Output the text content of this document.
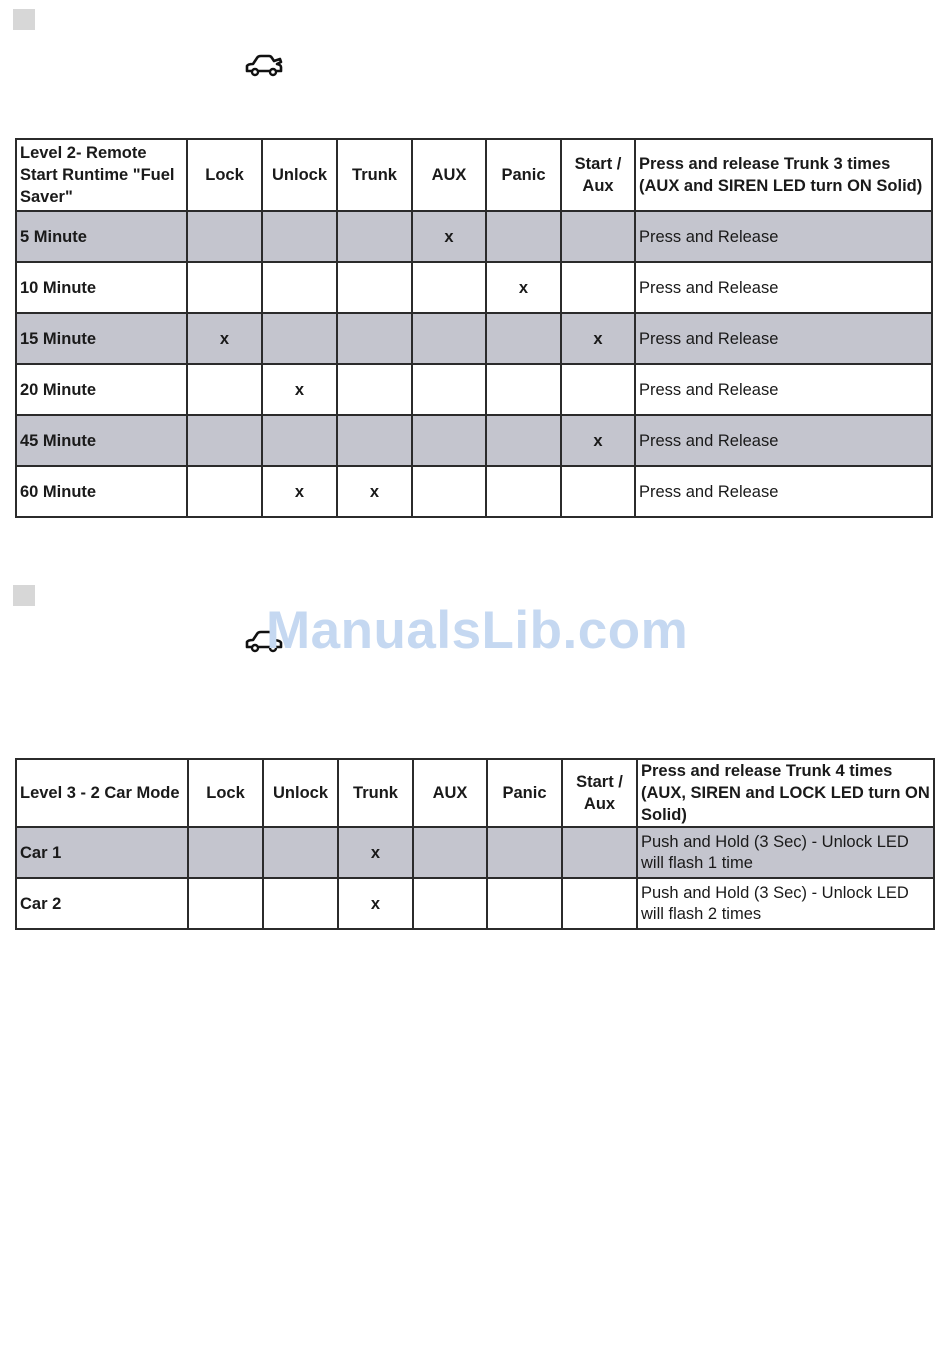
ManualsLib.com
Level 2- Remote Start Runtime "Fuel Saver"	Lock	Unlock	Trunk	AUX	Panic	Start / Aux	Press and release Trunk 3 times (AUX and SIREN LED turn ON Solid)
5 Minute				x			Press and Release
10 Minute					x		Press and Release
15 Minute	x					x	Press and Release
20 Minute		x					Press and Release
45 Minute						x	Press and Release
60 Minute		x	x				Press and Release
Level 3 - 2 Car Mode	Lock	Unlock	Trunk	AUX	Panic	Start / Aux	Press and release Trunk 4 times (AUX, SIREN and LOCK LED turn ON Solid)
Car 1			x				Push and Hold (3 Sec) - Unlock LED will flash 1 time
Car 2			x				Push and Hold (3 Sec) - Unlock LED will flash 2 times
